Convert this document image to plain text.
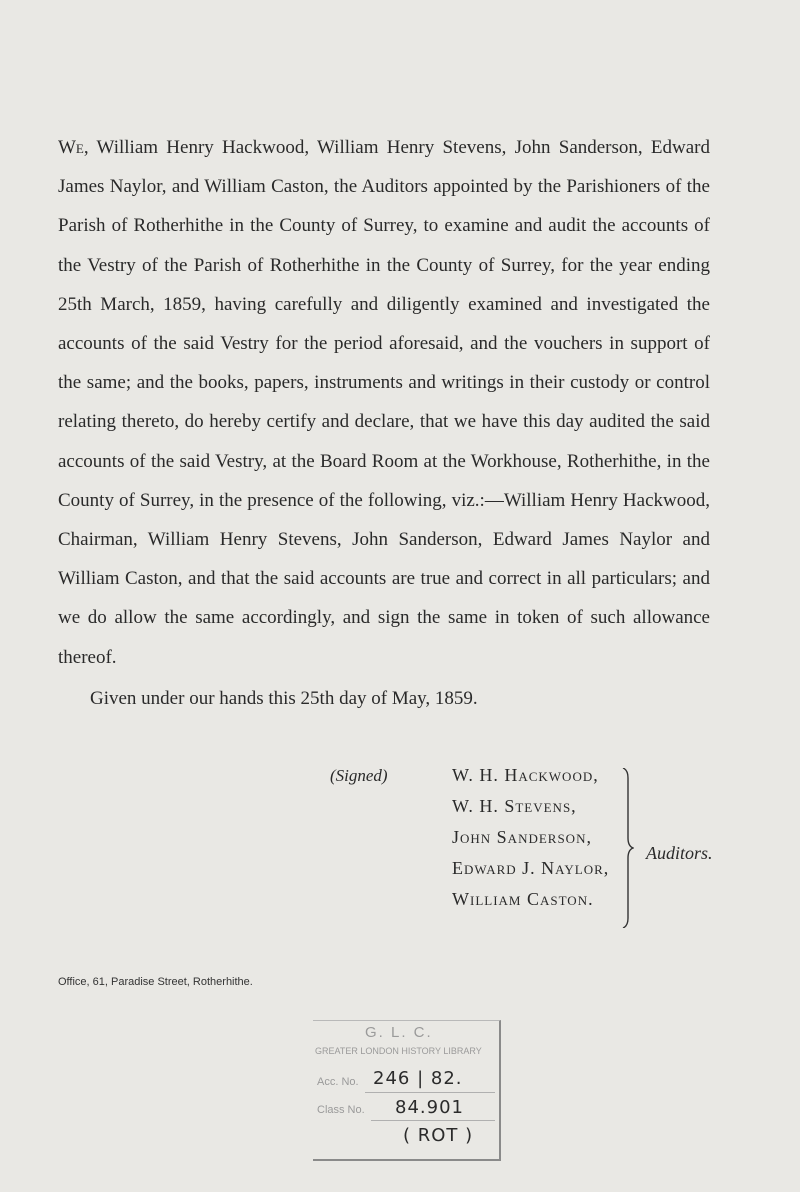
We, William Henry Hackwood, William Henry Stevens, John Sanderson, Edward James Naylor, and William Caston, the Auditors appointed by the Parishioners of the Parish of Rotherhithe in the County of Surrey, to examine and audit the accounts of the Vestry of the Parish of Rotherhithe in the County of Surrey, for the year ending 25th March, 1859, having carefully and diligently examined and investigated the accounts of the said Vestry for the period aforesaid, and the vouchers in support of the same; and the books, papers, instruments and writings in their custody or control relating thereto, do hereby certify and declare, that we have this day audited the said accounts of the said Vestry, at the Board Room at the Workhouse, Rotherhithe, in the County of Surrey, in the presence of the following, viz.:—William Henry Hackwood, Chairman, William Henry Stevens, John Sanderson, Edward James Naylor and William Caston, and that the said accounts are true and correct in all particulars; and we do allow the same accordingly, and sign the same in token of such allowance thereof.

Given under our hands this 25th day of May, 1859.

(Signed)	W. H. Hackwood,
W. H. Stevens,
John Sanderson,
Edward J. Naylor,
William Caston.
Auditors.
Office, 61, Paradise Street, Rotherhithe.
G. L. C.
GREATER LONDON HISTORY LIBRARY
Acc. No. 246 | 82.
Class No. 84.901
( ROT )
